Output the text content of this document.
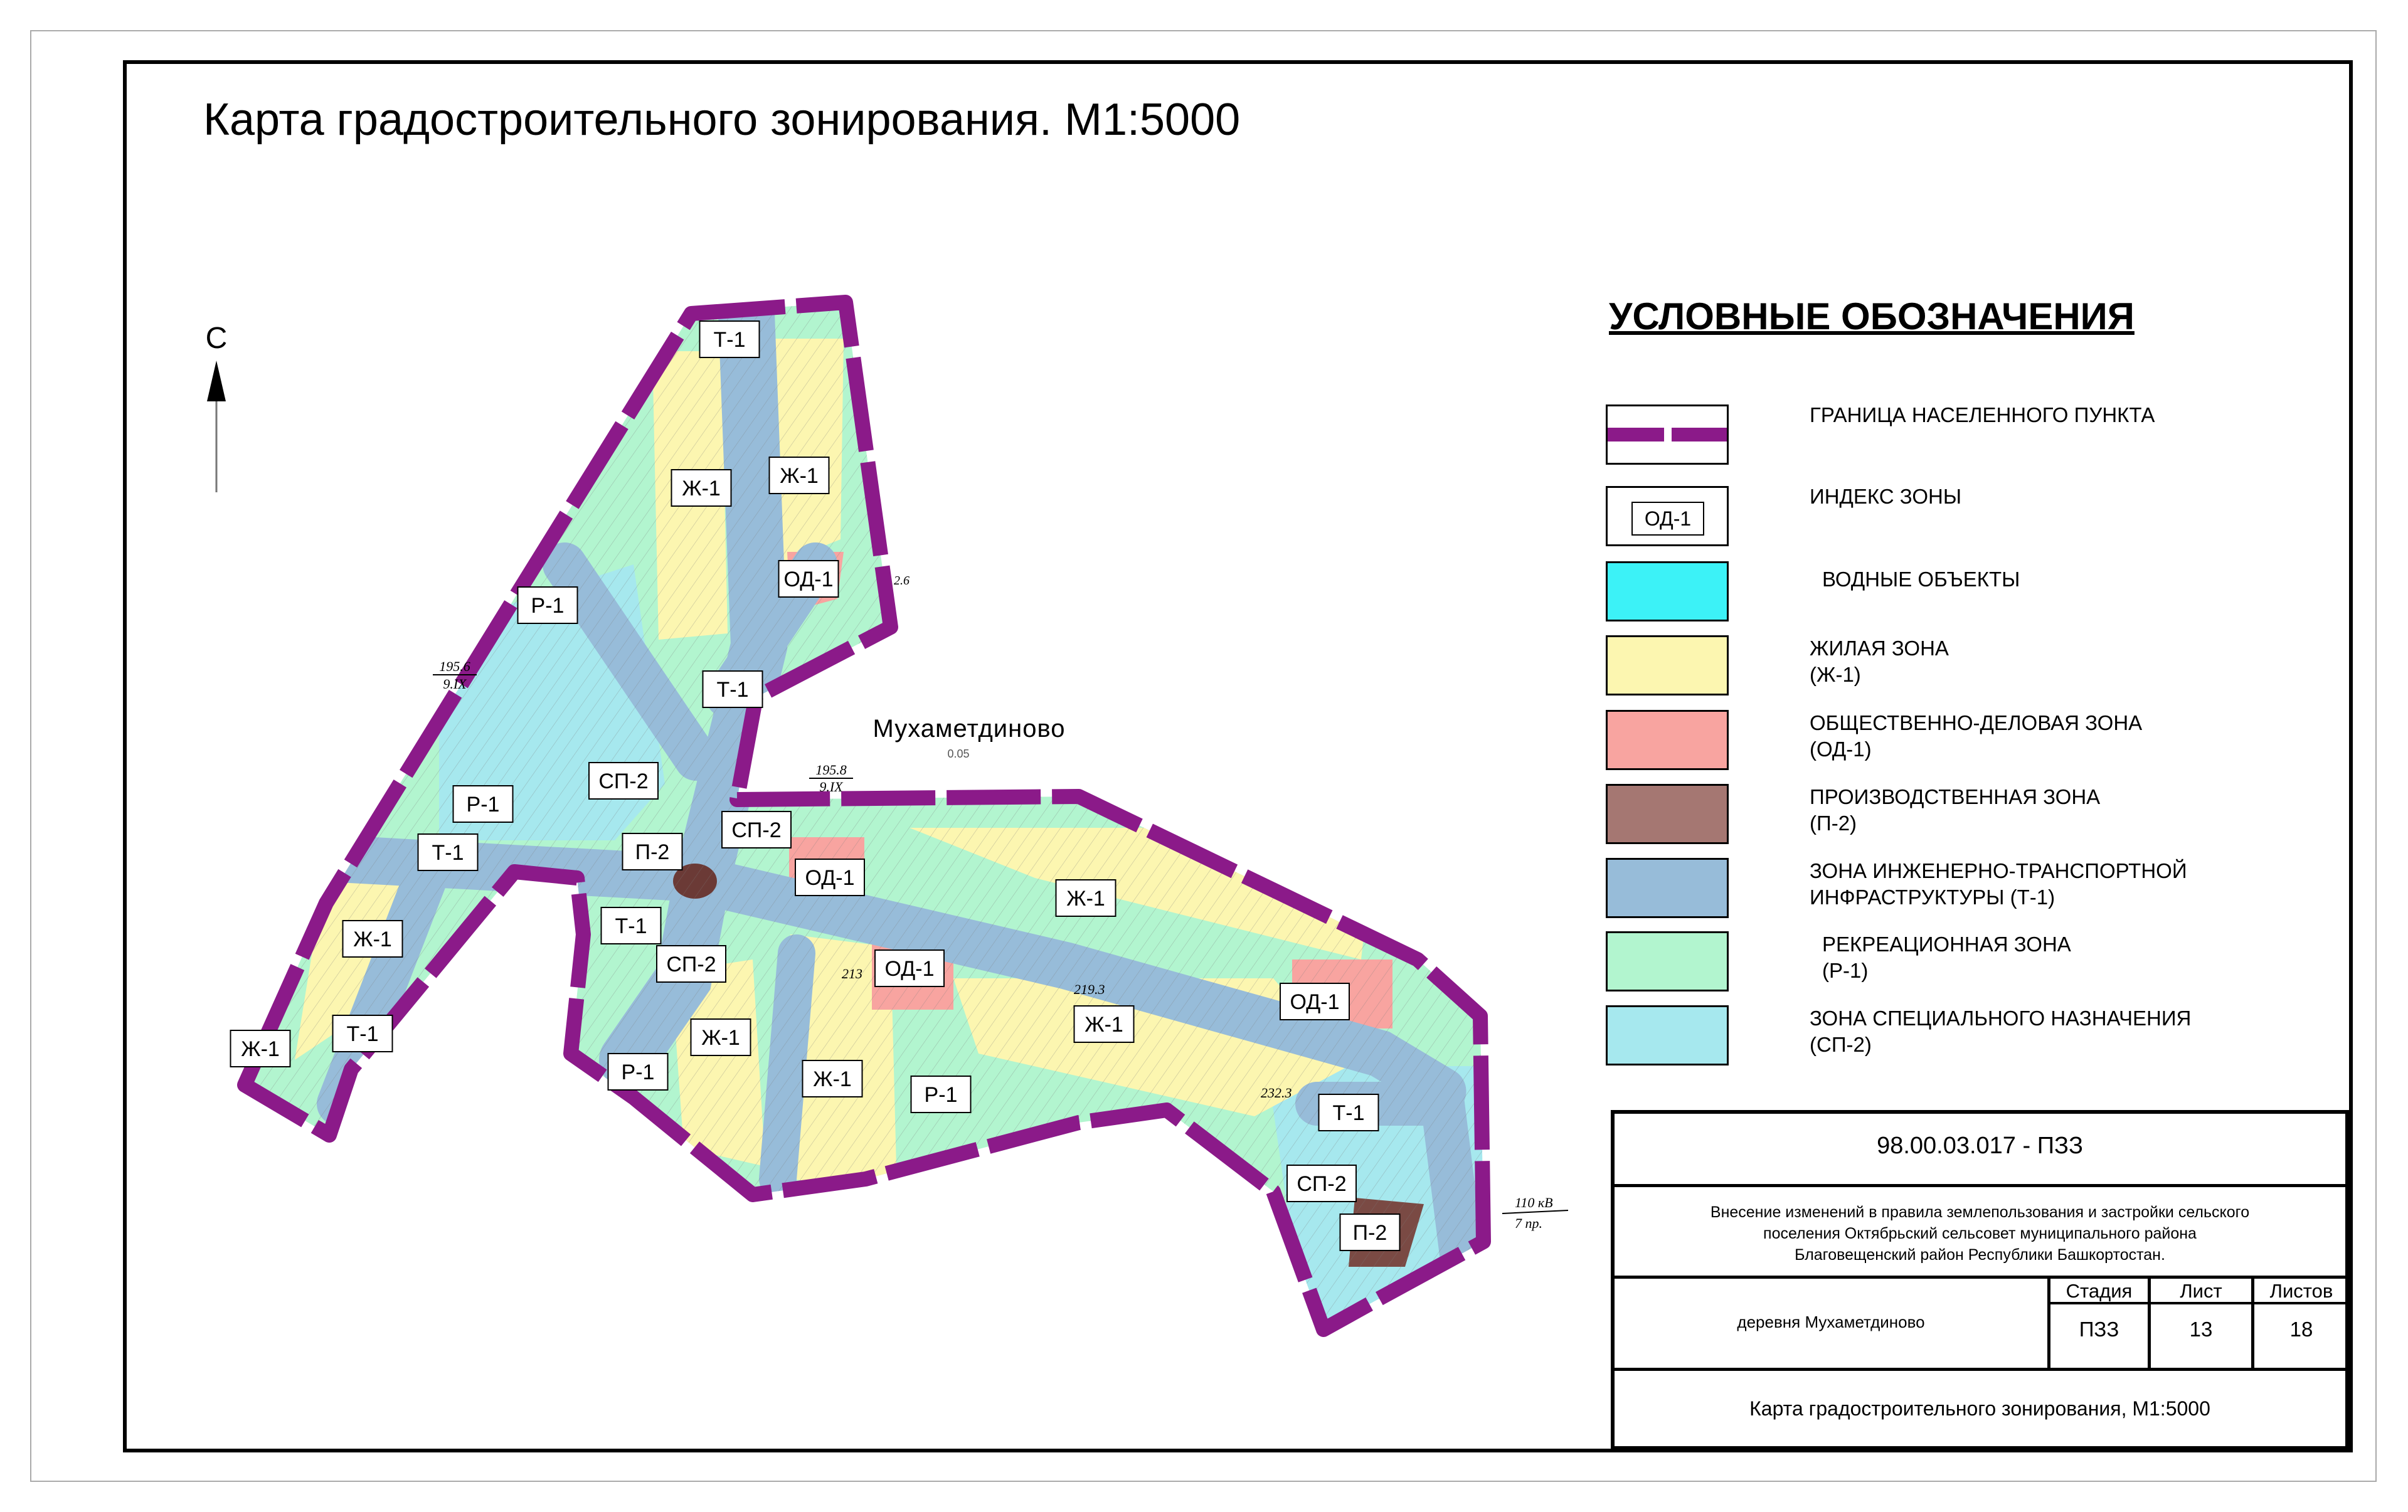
Карта градостроительного зонирования. М1:5000
С
195.6
9.IX
195.8
9.IX
110 кВ
7 пр.
219.3
232.3
213
2.6
Мухаметдиново
0.05
Т-1
Ж-1
Ж-1
ОД-1
Р-1
Т-1
СП-2
Р-1
Т-1	П-2
СП-2
ОД-1
Ж-1
Т-1
СП-2	ОД-1
Ж-1
ОД-1
Ж-1
Т-1	Ж-1
Р-1	Ж-1
Р-1
Т-1
СП-2
П-2
Ж-1
УСЛОВНЫЕ ОБОЗНАЧЕНИЯ
ГРАНИЦА НАСЕЛЕННОГО ПУНКТА
ОД-1
ИНДЕКС ЗОНЫ
ВОДНЫЕ ОБЪЕКТЫ
ЖИЛАЯ ЗОНА
(Ж-1)
ОБЩЕСТВЕННО-ДЕЛОВАЯ ЗОНА
(ОД-1)
ПРОИЗВОДСТВЕННАЯ ЗОНА
(П-2)
ЗОНА ИНЖЕНЕРНО-ТРАНСПОРТНОЙ
ИНФРАСТРУКТУРЫ (Т-1)
РЕКРЕАЦИОННАЯ ЗОНА
(Р-1)
ЗОНА СПЕЦИАЛЬНОГО НАЗНАЧЕНИЯ
(СП-2)
98.00.03.017 - ПЗЗ
Внесение изменений в правила землепользования и застройки сельского
поселения Октябрьский сельсовет муниципального района
Благовещенский район Республики Башкортостан.
деревня Мухаметдиново
Стадия	Лист	Листов
ПЗЗ	13	18
Карта градостроительного зонирования, М1:5000
